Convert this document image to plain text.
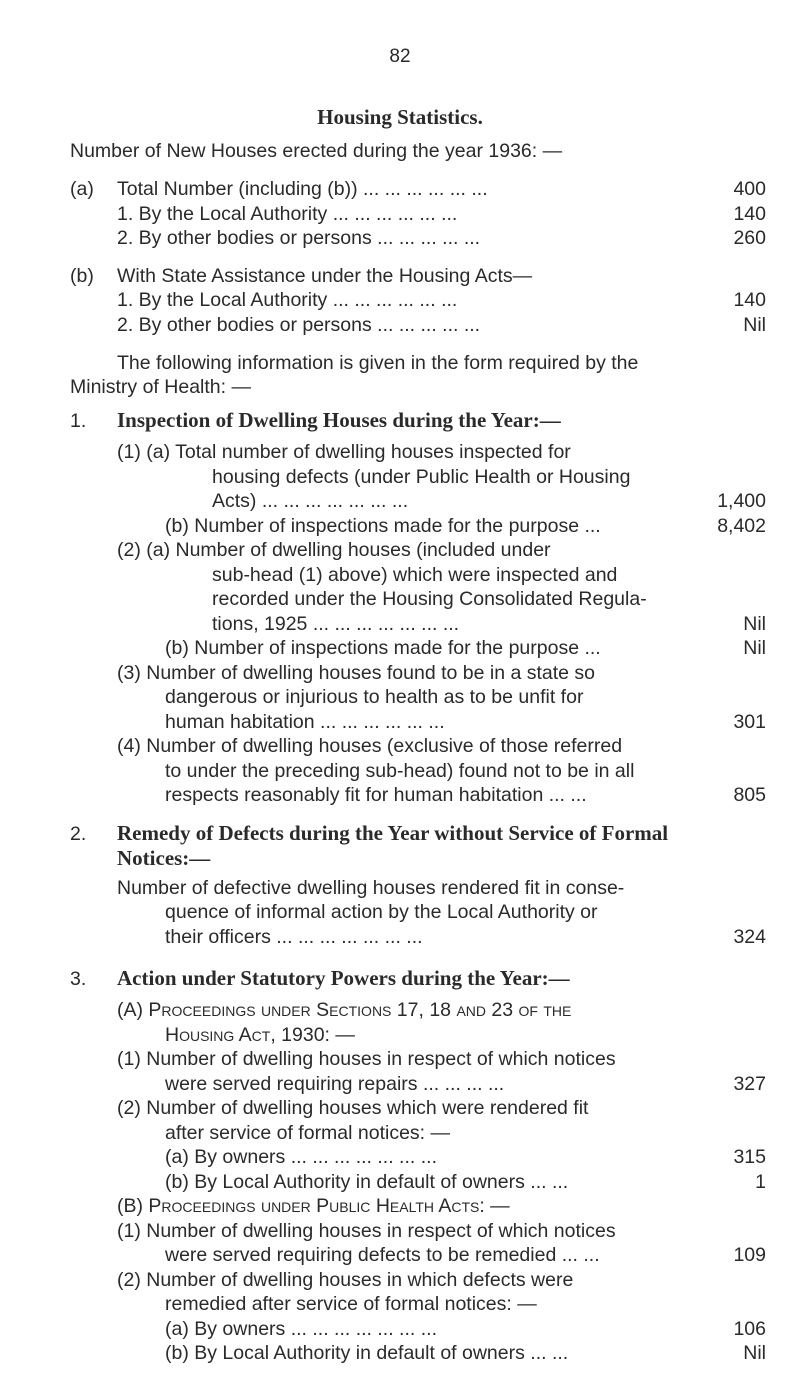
82
Housing Statistics.
Number of New Houses erected during the year 1936: —
(a) Total Number (including (b)) ... ... ... ... ... ...	400
1. By the Local Authority ... ... ... ... ... ...	140
2. By other bodies or persons ... ... ... ... ...	260
(b) With State Assistance under the Housing Acts—
1. By the Local Authority ... ... ... ... ... ...	140
2. By other bodies or persons ... ... ... ... ...	Nil
The following information is given in the form required by the
Ministry of Health: —
1. Inspection of Dwelling Houses during the Year:—
(1) (a) Total number of dwelling houses inspected for
housing defects (under Public Health or Housing
Acts) ... ... ... ... ... ... ...	1,400
(b) Number of inspections made for the purpose ...	8,402
(2) (a) Number of dwelling houses (included under
sub-head (1) above) which were inspected and
recorded under the Housing Consolidated Regula-
tions, 1925 ... ... ... ... ... ... ...	Nil
(b) Number of inspections made for the purpose ...	Nil
(3) Number of dwelling houses found to be in a state so
dangerous or injurious to health as to be unfit for
human habitation ... ... ... ... ... ...	301
(4) Number of dwelling houses (exclusive of those referred
to under the preceding sub-head) found not to be in all
respects reasonably fit for human habitation ... ...	805
2. Remedy of Defects during the Year without Service of Formal
Notices:—
Number of defective dwelling houses rendered fit in conse-
quence of informal action by the Local Authority or
their officers ... ... ... ... ... ... ...	324
3. Action under Statutory Powers during the Year:—
(A) Proceedings under Sections 17, 18 and 23 of the
Housing Act, 1930: —
(1) Number of dwelling houses in respect of which notices
were served requiring repairs ... ... ... ...	327
(2) Number of dwelling houses which were rendered fit
after service of formal notices: —
(a) By owners ... ... ... ... ... ... ...	315
(b) By Local Authority in default of owners ... ...	1
(B) Proceedings under Public Health Acts: —
(1) Number of dwelling houses in respect of which notices
were served requiring defects to be remedied ... ...	109
(2) Number of dwelling houses in which defects were
remedied after service of formal notices: —
(a) By owners ... ... ... ... ... ... ...	106
(b) By Local Authority in default of owners ... ...	Nil
